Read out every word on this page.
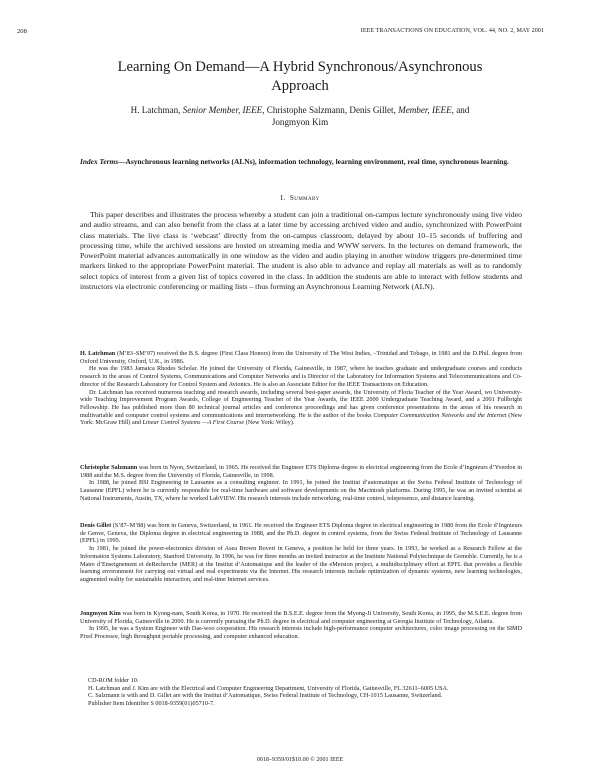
208	IEEE TRANSACTIONS ON EDUCATION, VOL. 44, NO. 2, MAY 2001
Learning On Demand—A Hybrid Synchronous/Asynchronous
Approach
H. Latchman, Senior Member, IEEE, Christophe Salzmann, Denis Gillet, Member, IEEE, and
Jongmyon Kim
Index Terms—Asynchronous learning networks (ALNs), information technology, learning environment, real time, synchronous learning.
I. Summary

This paper describes and illustrates the process whereby a student can join a traditional on-campus lecture synchronously using live video and audio streams, and can also benefit from the class at a later time by accessing archived video and audio, synchronized with PowerPoint class materials. The live class is ‘webcast’ directly from the on-campus classroom, delayed by about 10–15 seconds of buffering and processing time, while the archived sessions are hosted on streaming media and WWW servers. In the lectures on demand framework, the PowerPoint material advances automatically in one window as the video and audio playing in another window triggers pre-determined time markers linked to the appropriate PowerPoint material. The student is also able to advance and replay all materials as well as to randomly select topics of interest from a given list of topics covered in the class. In addition the students are able to interact with fellow students and instructors via electronic conferencing or mailing lists – thus forming an Asynchronous Learning Network (ALN).

H. Latchman (M’83–SM’97) received the B.S. degree (First Class Honors) from the University of The West Indies, –Trinidad and Tobago, in 1981 and the D.Phil. degree from Oxford University, Oxford, U.K., in 1986.

He was the 1983 Jamaica Rhodes Scholar. He joined the University of Florida, Gainesville, in 1987, where he teaches graduate and undergraduate courses and conducts research in the areas of Control Systems, Communications and Computer Networks and is Director of the Laboratory for Information Systems and Telecommunications and Co-director of the Research Laboratory for Control System and Avionics. He is also an Associate Editor for the IEEE Transactions on Education.

Dr. Latchman has received numerous teaching and research awards, including several best-paper awards, the University of Floria Teacher of the Year Award, wo University-wide Teaching Improvement Program Awards, College of Engineering Teacher of the Year Awards, the IEEE 2000 Undergraduate Teaching Award, and a 2001 Fullbright Fellowship. He has published more than 80 technical journal articles and conference proceedings and has given conference presentations in the areas of his research in multivariable and computer control systems and communications and internetworking. He is the author of the books Computer Communication Networks and the Internet (New York: McGraw Hill) and Linear Control Systems —A First Course (New York: Wiley).

Christophe Salzmann was born in Nyon, Switzerland, in 1965. He received the Engineer ETS Diploma degree in electrical engineering from the Ecole d’Ingnieurs d’Yverdon in 1988 and the M.S. degree from the University of Florida, Gainesville, in 1998.

In 1988, he joined BSI Engineering in Lausanne as a consulting engineer. In 1991, he joined the Institut d’automatique at the Swiss Federal Institute of Technology of Lausanne (EPFL) where he is currently responsible for real-time hardware and software developments on the Macintosh platforms. During 1995, he was an invited scientist at National Instruments, Austin, TX, where he worked LabVIEW. His research interests include networking, real-time control, telepresence, and distance learning.

Denis Gillet (S’87–M’88) was born in Geneva, Switzerland, in 1961. He received the Engineer ETS Diploma degree in electrical engineering in 1980 from the Ecole d’Ingnieurs de Genve, Geneva, the Diploma degree in electrical engineering in 1988, and the Ph.D. degree in control systems, from the Swiss Federal Institute of Technology of Lausanne (EPFL) in 1995.

In 1981, he joined the power-electronics division of Asea Brown Boveri in Geneva, a position he held for three years. In 1993, he worked as a Research Fellow at the Information Systems Laboratory, Stanford University. In 1996, he was for three months an invited instructor at the Institute National Polytechnique de Grenoble. Currently, he is a Matre d’Enseignement et deRecherche (MER) at the Institut d’Automatique and the leader of the eMersion project, a multidisciplinary effort at EPFL that provides a flexible learning environment for carrying out virtual and real experiments via the Internet. His research interests include optimization of dynamic systems, new learning technologies, augmented reality for sustainable interaction, and real-time Internet services.

Jongmyon Kim was born in Kyong-nam, South Korea, in 1970. He received the B.S.E.E. degree from the Myong-Ji University, South Korea, in 1995, the M.S.E.E. degree from University of Florida, Gainesville in 2000. He is currently pursuing the Ph.D. degree in electrical and computer engineering at Georgia Institute of Technology, Atlanta.

In 1995, he was a System Engineer with Dae-woo cooperation. His research interests include high-performance computer architectures, color image processing on the SIMD Pixel Processor, high throughput portable processing, and computer enhanced education.

CD-ROM folder 10.

H. Latchman and J. Kim are with the Electrical and Computer Engineering Department, University of Florida, Gainesville, FL 32611–6005 USA.

C. Salzmann is with and D. Gillet are with the Institut d’Automatique, Swiss Federal Institute of Technology, CH-1015 Lausanne, Switzerland.

Publisher Item Identifier S 0018-9359(01)05710-7.

0018–9359/01$10.00 © 2001 IEEE
